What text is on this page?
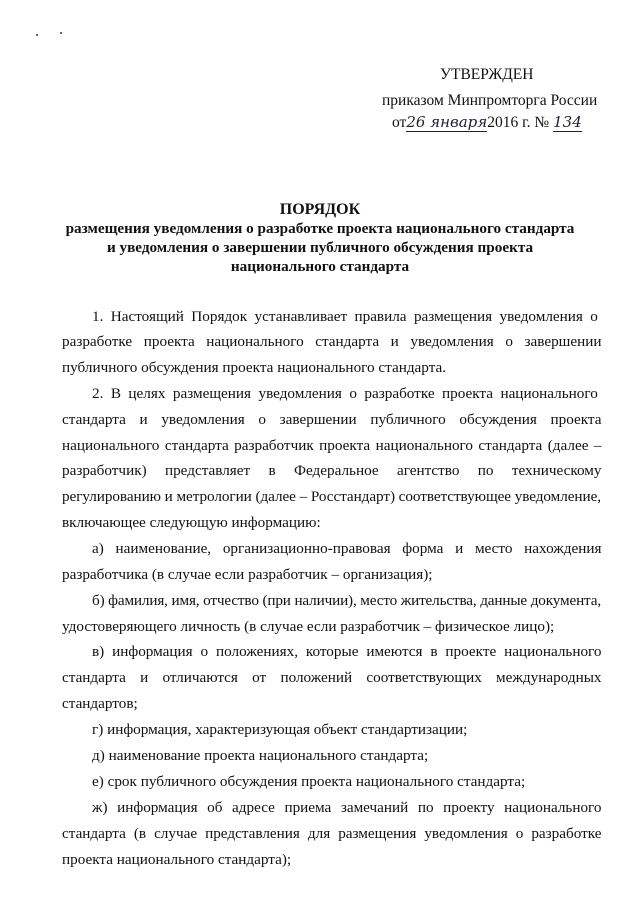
УТВЕРЖДЕН
приказом Минпромторга России
от26 января2016 г. № 134
ПОРЯДОК
размещения уведомления о разработке проекта национального стандарта
и уведомления о завершении публичного обсуждения проекта
национального стандарта
1. Настоящий Порядок устанавливает правила размещения уведомления о
разработке проекта национального стандарта и уведомления о завершении
публичного обсуждения проекта национального стандарта.
2. В целях размещения уведомления о разработке проекта национального
стандарта и уведомления о завершении публичного обсуждения проекта
национального стандарта разработчик проекта национального стандарта (далее –
разработчик) представляет в Федеральное агентство по техническому
регулированию и метрологии (далее – Росстандарт) соответствующее уведомление,
включающее следующую информацию:
а) наименование, организационно-правовая форма и место нахождения
разработчика (в случае если разработчик – организация);
б) фамилия, имя, отчество (при наличии), место жительства, данные документа,
удостоверяющего личность (в случае если разработчик – физическое лицо);
в) информация о положениях, которые имеются в проекте национального
стандарта и отличаются от положений соответствующих международных
стандартов;
г) информация, характеризующая объект стандартизации;
д) наименование проекта национального стандарта;
е) срок публичного обсуждения проекта национального стандарта;
ж) информация об адресе приема замечаний по проекту национального
стандарта (в случае представления для размещения уведомления о разработке
проекта национального стандарта);
